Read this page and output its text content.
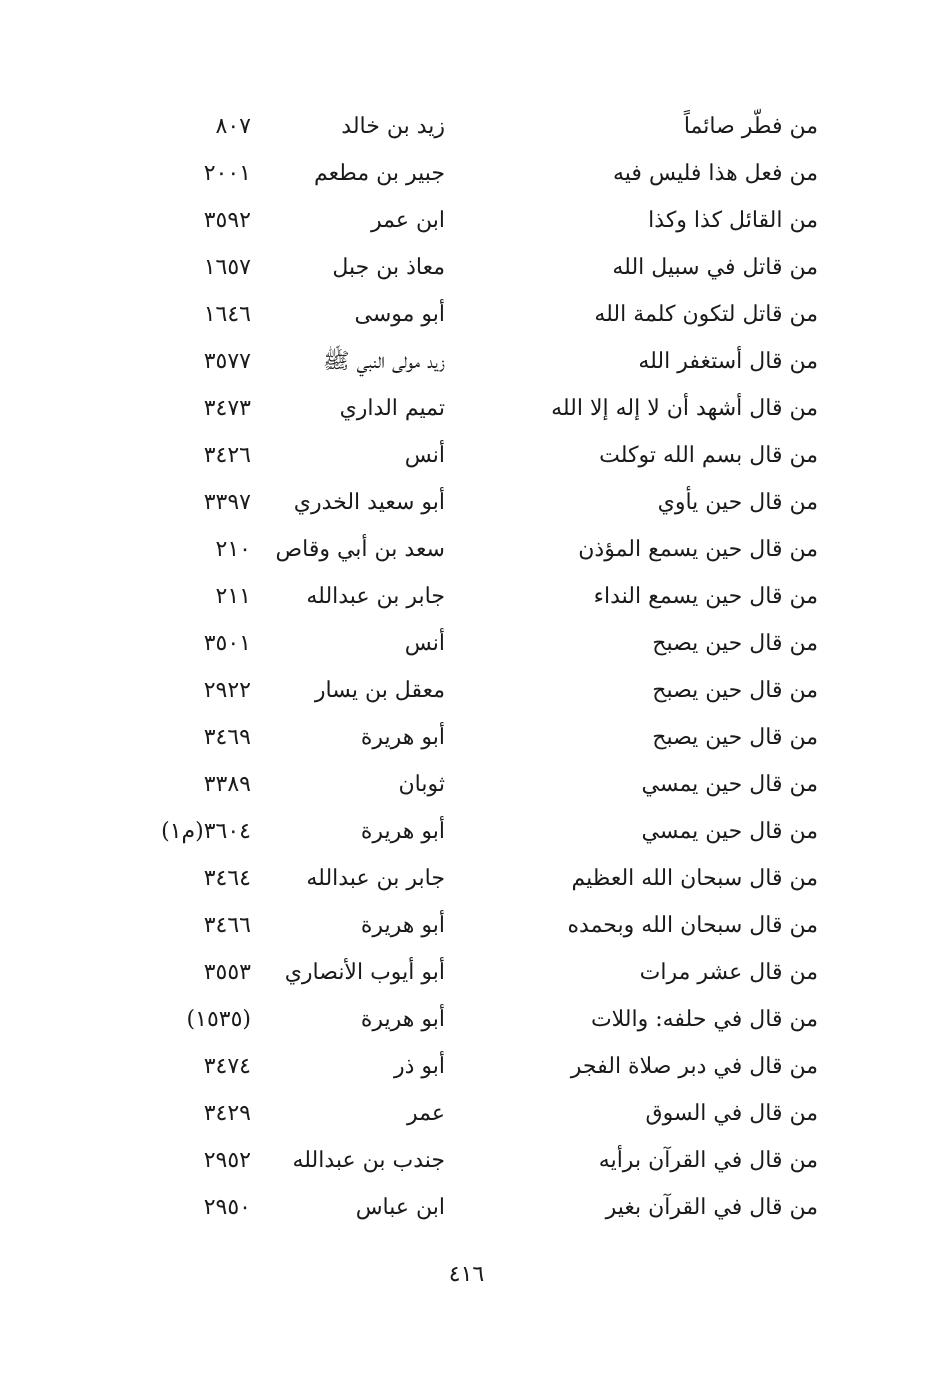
من فطّر صائماً
زيد بن خالد
٨٠٧
من فعل هذا فليس فيه
جبير بن مطعم
٢٠٠١
من القائل كذا وكذا
ابن عمر
٣٥٩٢
من قاتل في سبيل الله
معاذ بن جبل
١٦٥٧
من قاتل لتكون كلمة الله
أبو موسى
١٦٤٦
من قال أستغفر الله
زيد مولى النبي ﷺ
٣٥٧٧
من قال أشهد أن لا إله إلا الله
تميم الداري
٣٤٧٣
من قال بسم الله توكلت
أنس
٣٤٢٦
من قال حين يأوي
أبو سعيد الخدري
٣٣٩٧
من قال حين يسمع المؤذن
سعد بن أبي وقاص
٢١٠
من قال حين يسمع النداء
جابر بن عبدالله
٢١١
من قال حين يصبح
أنس
٣٥٠١
من قال حين يصبح
معقل بن يسار
٢٩٢٢
من قال حين يصبح
أبو هريرة
٣٤٦٩
من قال حين يمسي
ثوبان
٣٣٨٩
من قال حين يمسي
أبو هريرة
٣٦٠٤(م١)
من قال سبحان الله العظيم
جابر بن عبدالله
٣٤٦٤
من قال سبحان الله وبحمده
أبو هريرة
٣٤٦٦
من قال عشر مرات
أبو أيوب الأنصاري
٣٥٥٣
من قال في حلفه: واللات
أبو هريرة
(١٥٣٥)
من قال في دبر صلاة الفجر
أبو ذر
٣٤٧٤
من قال في السوق
عمر
٣٤٢٩
من قال في القرآن برأيه
جندب بن عبدالله
٢٩٥٢
من قال في القرآن بغير
ابن عباس
٢٩٥٠
٤١٦
